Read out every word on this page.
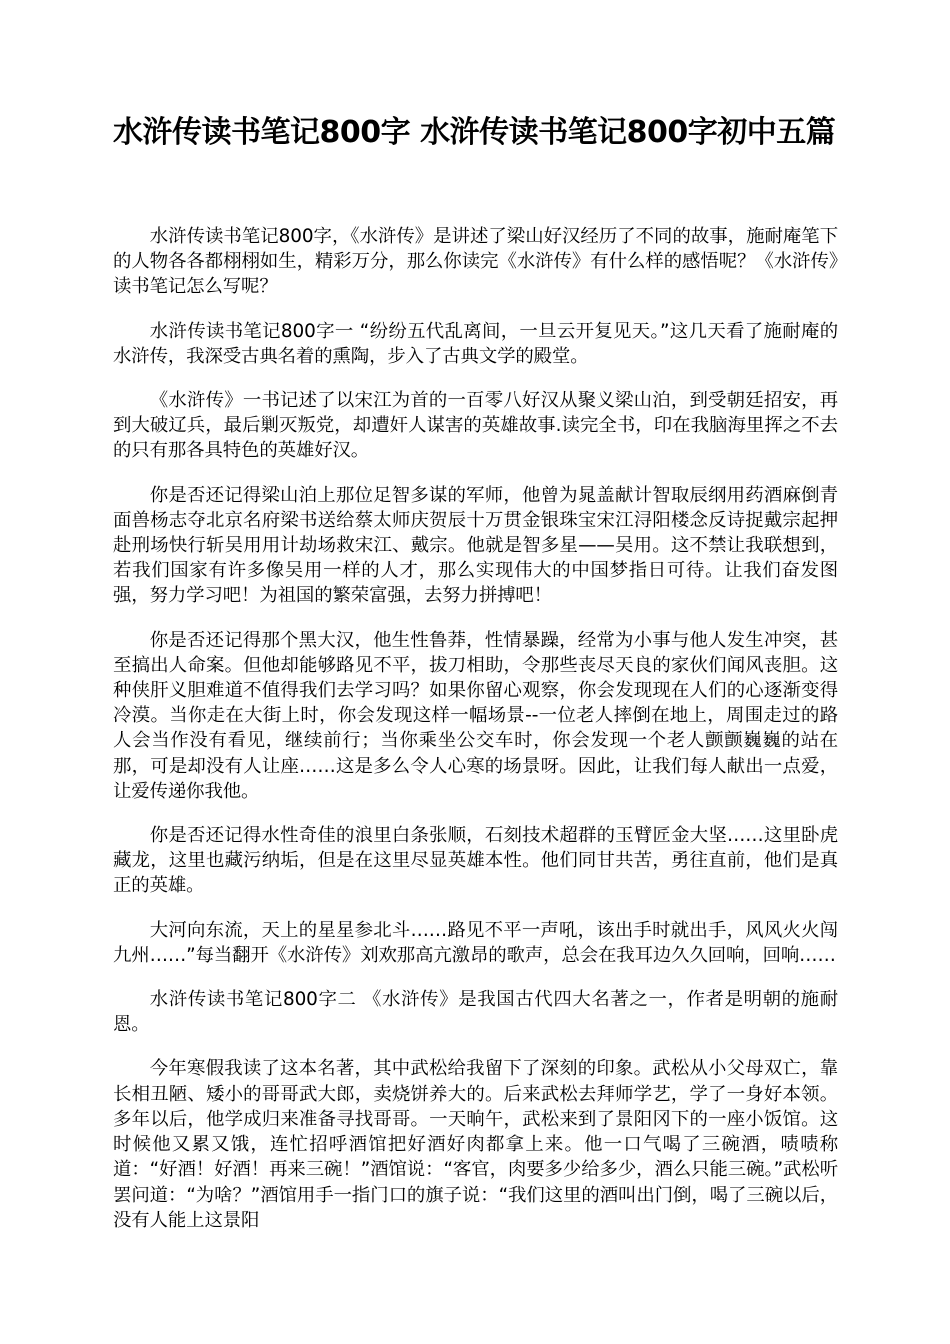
水浒传读书笔记800字 水浒传读书笔记800字初中五篇

水浒传读书笔记800字，《水浒传》是讲述了梁山好汉经历了不同的故事，施耐庵笔下的人物各各都栩栩如生，精彩万分，那么你读完《水浒传》有什么样的感悟呢？《水浒传》读书笔记怎么写呢？

水浒传读书笔记800字一 “纷纷五代乱离间，一旦云开复见天。”这几天看了施耐庵的水浒传，我深受古典名着的熏陶，步入了古典文学的殿堂。

《水浒传》一书记述了以宋江为首的一百零八好汉从聚义梁山泊，到受朝廷招安，再到大破辽兵，最后剿灭叛党，却遭奸人谋害的英雄故事.读完全书，印在我脑海里挥之不去的只有那各具特色的英雄好汉。

你是否还记得梁山泊上那位足智多谋的军师，他曾为晁盖献计智取辰纲用药酒麻倒青面兽杨志夺北京名府梁书送给蔡太师庆贺辰十万贯金银珠宝宋江浔阳楼念反诗捉戴宗起押赴刑场快行斩吴用用计劫场救宋江、戴宗。他就是智多星——吴用。这不禁让我联想到，若我们国家有许多像吴用一样的人才，那么实现伟大的中国梦指日可待。让我们奋发图强，努力学习吧！为祖国的繁荣富强，去努力拼搏吧！

你是否还记得那个黑大汉，他生性鲁莽，性情暴躁，经常为小事与他人发生冲突，甚至搞出人命案。但他却能够路见不平，拔刀相助，令那些丧尽天良的家伙们闻风丧胆。这种侠肝义胆难道不值得我们去学习吗？如果你留心观察，你会发现现在人们的心逐渐变得冷漠。当你走在大街上时，你会发现这样一幅场景--一位老人摔倒在地上，周围走过的路人会当作没有看见，继续前行；当你乘坐公交车时，你会发现一个老人颤颤巍巍的站在那，可是却没有人让座……这是多么令人心寒的场景呀。因此，让我们每人献出一点爱，让爱传递你我他。

你是否还记得水性奇佳的浪里白条张顺，石刻技术超群的玉臂匠金大坚……这里卧虎藏龙，这里也藏污纳垢，但是在这里尽显英雄本性。他们同甘共苦，勇往直前，他们是真正的英雄。

大河向东流，天上的星星参北斗……路见不平一声吼，该出手时就出手，风风火火闯九州……”每当翻开《水浒传》刘欢那高亢激昂的歌声，总会在我耳边久久回响，回响……

水浒传读书笔记800字二 《水浒传》是我国古代四大名著之一，作者是明朝的施耐恩。

今年寒假我读了这本名著，其中武松给我留下了深刻的印象。武松从小父母双亡，靠长相丑陋、矮小的哥哥武大郎，卖烧饼养大的。后来武松去拜师学艺，学了一身好本领。多年以后，他学成归来准备寻找哥哥。一天晌午，武松来到了景阳冈下的一座小饭馆。这时候他又累又饿，连忙招呼酒馆把好酒好肉都拿上来。他一口气喝了三碗酒，啧啧称道：“好酒！好酒！再来三碗！”酒馆说：“客官，肉要多少给多少，酒么只能三碗。”武松听罢问道：“为啥？”酒馆用手一指门口的旗子说：“我们这里的酒叫出门倒，喝了三碗以后，没有人能上这景阳
